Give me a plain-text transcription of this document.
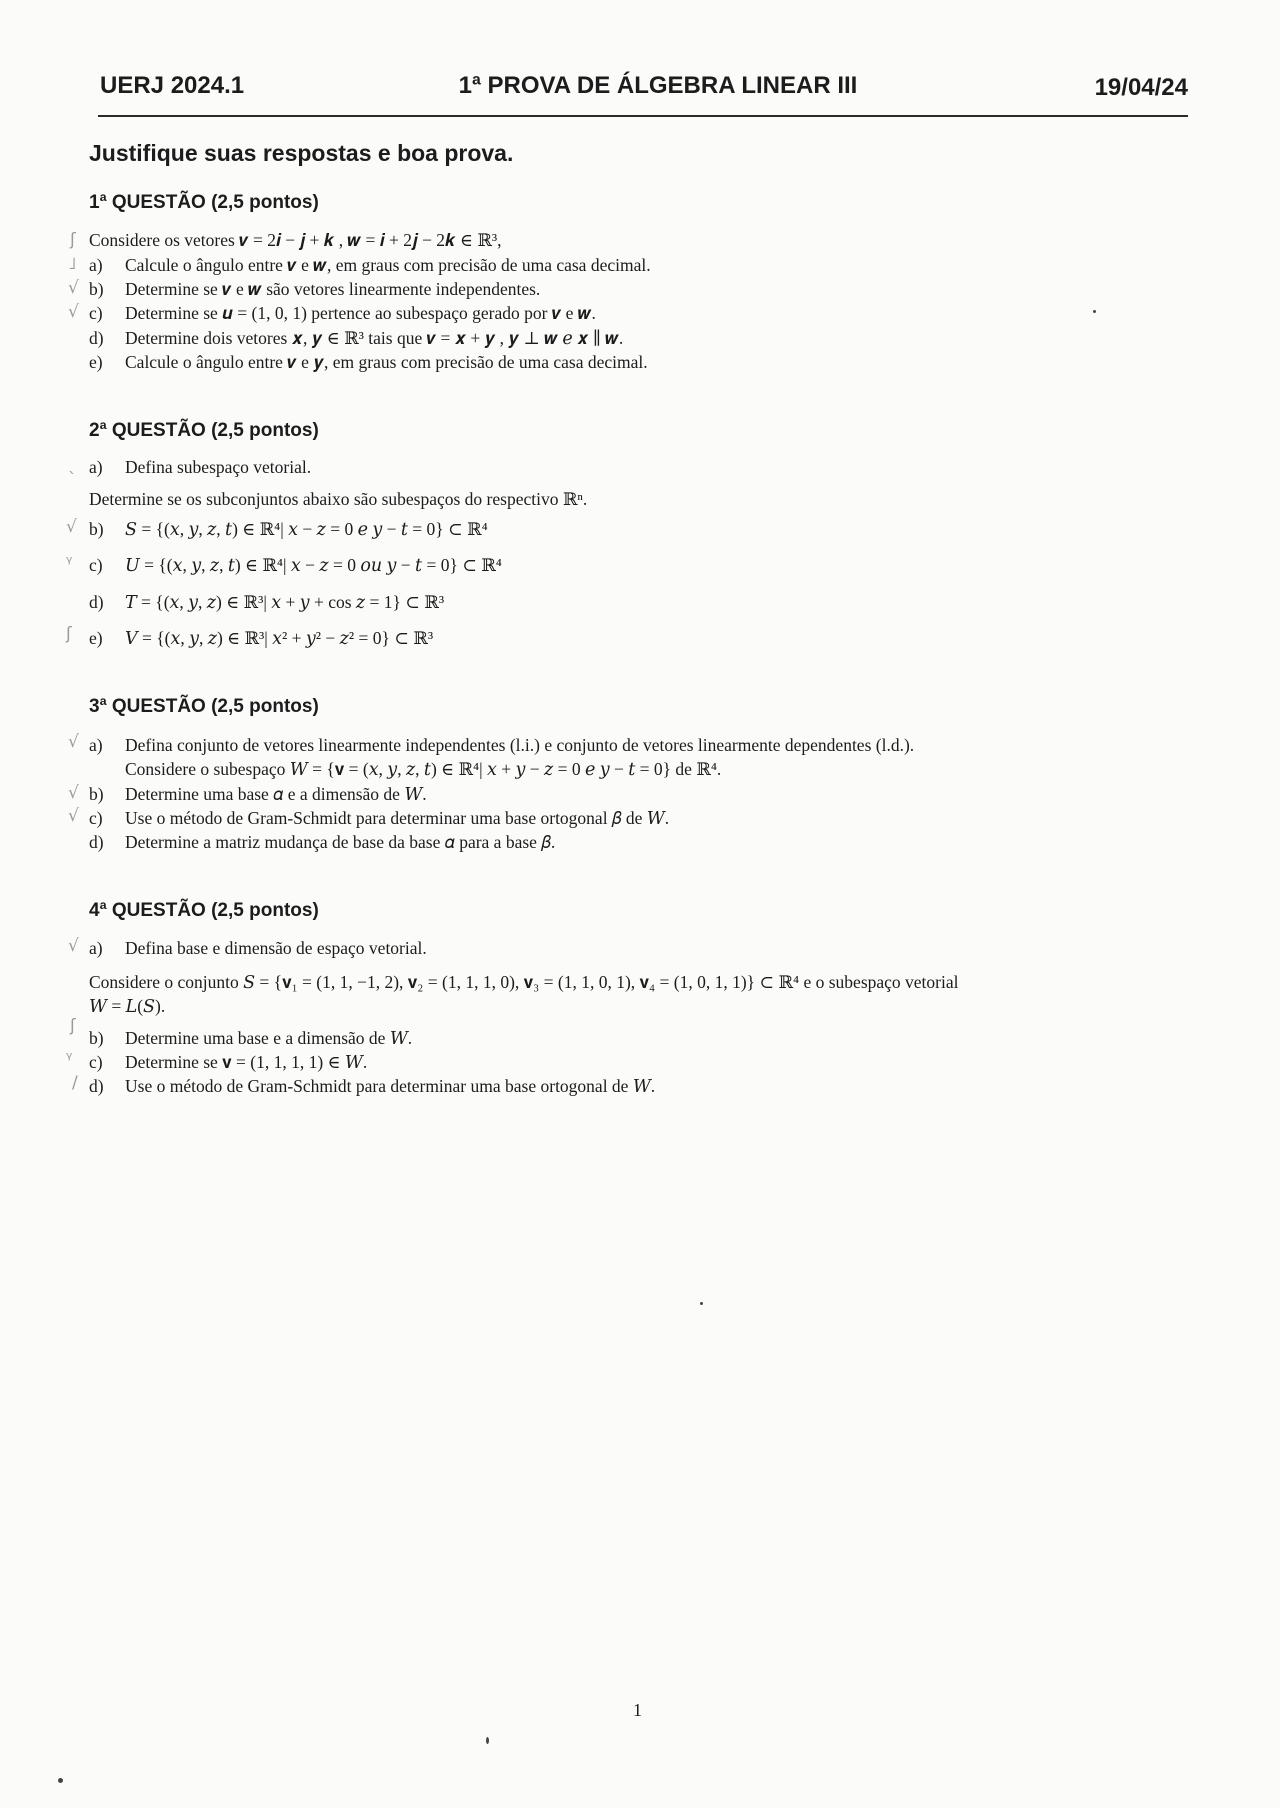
UERJ 2024.1	1ª PROVA DE ÁLGEBRA LINEAR III	19/04/24
Justifique suas respostas e boa prova.
1ª QUESTÃO (2,5 pontos)
ʃ Considere os vetores 𝒗 = 2𝒊 − 𝒋 + 𝒌 , 𝒘 = 𝒊 + 2𝒋 − 2𝒌 ∈ ℝ³,
˩ a)	Calcule o ângulo entre 𝒗 e 𝒘, em graus com precisão de uma casa decimal.
√ b)	Determine se 𝒗 e 𝒘 são vetores linearmente independentes.
√ c)	Determine se 𝒖 = (1, 0, 1) pertence ao subespaço gerado por 𝒗 e 𝒘.
d)	Determine dois vetores 𝒙, 𝒚 ∈ ℝ³ tais que 𝒗 = 𝒙 + 𝒚 , 𝒚 ⊥ 𝒘 𝑒 𝒙 ∥ 𝒘.
e)	Calcule o ângulo entre 𝒗 e 𝒚, em graus com precisão de uma casa decimal.
2ª QUESTÃO (2,5 pontos)
ˎ a)	Defina subespaço vetorial.
Determine se os subconjuntos abaixo são subespaços do respectivo ℝⁿ.
√ b)	𝑆 = {(𝑥, 𝑦, 𝑧, 𝑡) ∈ ℝ⁴| 𝑥 − 𝑧 = 0 𝑒 𝑦 − 𝑡 = 0} ⊂ ℝ⁴
ᵞ c)	𝑈 = {(𝑥, 𝑦, 𝑧, 𝑡) ∈ ℝ⁴| 𝑥 − 𝑧 = 0 𝑜𝑢 𝑦 − 𝑡 = 0} ⊂ ℝ⁴
d)	𝑇 = {(𝑥, 𝑦, 𝑧) ∈ ℝ³| 𝑥 + 𝑦 + cos 𝑧 = 1} ⊂ ℝ³
ʃ e)	𝑉 = {(𝑥, 𝑦, 𝑧) ∈ ℝ³| 𝑥² + 𝑦² − 𝑧² = 0} ⊂ ℝ³
3ª QUESTÃO (2,5 pontos)
√ a)	Defina conjunto de vetores linearmente independentes (l.i.) e conjunto de vetores linearmente dependentes (l.d.).
Considere o subespaço 𝑊 = {𝐯 = (𝑥, 𝑦, 𝑧, 𝑡) ∈ ℝ⁴| 𝑥 + 𝑦 − 𝑧 = 0 𝑒 𝑦 − 𝑡 = 0} de ℝ⁴.
√ b)	Determine uma base 𝛼 e a dimensão de 𝑊.
√ c)	Use o método de Gram-Schmidt para determinar uma base ortogonal 𝛽 de 𝑊.
d)	Determine a matriz mudança de base da base 𝛼 para a base 𝛽.
4ª QUESTÃO (2,5 pontos)
√ a)	Defina base e dimensão de espaço vetorial.
Considere o conjunto 𝑆 = {𝐯₁ = (1, 1, −1, 2), 𝐯₂ = (1, 1, 1, 0), 𝐯₃ = (1, 1, 0, 1), 𝐯₄ = (1, 0, 1, 1)} ⊂ ℝ⁴ e o subespaço vetorial
𝑊 = 𝐿(𝑆).
ʃ
b)	Determine uma base e a dimensão de 𝑊.
ᵞ c)	Determine se 𝐯 = (1, 1, 1, 1) ∈ 𝑊.
/ d)	Use o método de Gram-Schmidt para determinar uma base ortogonal de 𝑊.
1
